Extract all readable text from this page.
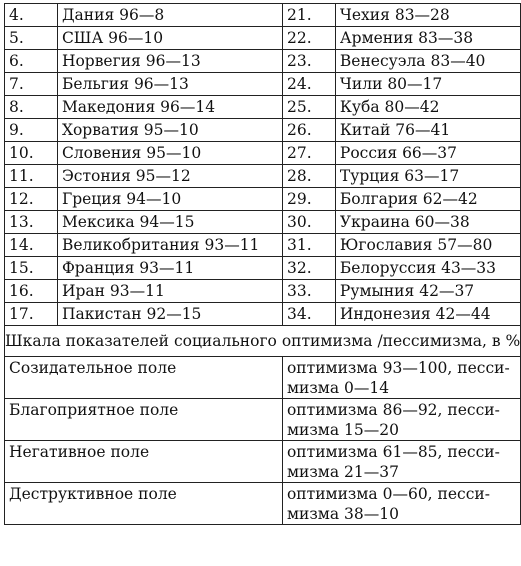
4.	Дания 96—8	21.	Чехия 83—28
5.	США 96—10	22.	Армения 83—38
6.	Норвегия 96—13	23.	Венесуэла 83—40
7.	Бельгия 96—13	24.	Чили 80—17
8.	Македония 96—14	25.	Куба 80—42
9.	Хорватия 95—10	26.	Китай 76—41
10.	Словения 95—10	27.	Россия 66—37
11.	Эстония 95—12	28.	Турция 63—17
12.	Греция 94—10	29.	Болгария 62—42
13.	Мексика 94—15	30.	Украина 60—38
14.	Великобритания 93—11	31.	Югославия 57—80
15.	Франция 93—11	32.	Белоруссия 43—33
16.	Иран 93—11	33.	Румыния 42—37
17.	Пакистан 92—15	34.	Индонезия 42—44
Шкала показателей социального оптимизма /пессимизма, в %			
Созидательное поле		оптимизма 93—100, песси-мизма 0—14	
Благоприятное поле		оптимизма 86—92, песси-мизма 15—20	
Негативное поле		оптимизма 61—85, песси-мизма 21—37	
Деструктивное поле		оптимизма 0—60, песси-мизма 38—10	
